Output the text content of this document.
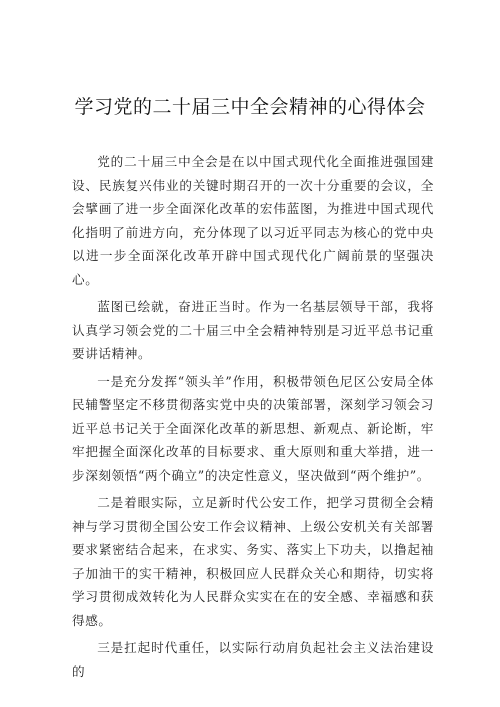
学习党的二十届三中全会精神的心得体会

党的二十届三中全会是在以中国式现代化全面推进强国建设、民族复兴伟业的关键时期召开的一次十分重要的会议，全会擘画了进一步全面深化改革的宏伟蓝图，为推进中国式现代化指明了前进方向，充分体现了以习近平同志为核心的党中央以进一步全面深化改革开辟中国式现代化广阔前景的坚强决心。

蓝图已绘就，奋进正当时。作为一名基层领导干部，我将认真学习领会党的二十届三中全会精神特别是习近平总书记重要讲话精神。

一是充分发挥“领头羊”作用，积极带领色尼区公安局全体民辅警坚定不移贯彻落实党中央的决策部署，深刻学习领会习近平总书记关于全面深化改革的新思想、新观点、新论断，牢牢把握全面深化改革的目标要求、重大原则和重大举措，进一步深刻领悟“两个确立”的决定性意义，坚决做到“两个维护”。

二是着眼实际，立足新时代公安工作，把学习贯彻全会精神与学习贯彻全国公安工作会议精神、上级公安机关有关部署要求紧密结合起来，在求实、务实、落实上下功夫，以撸起袖子加油干的实干精神，积极回应人民群众关心和期待，切实将学习贯彻成效转化为人民群众实实在在的安全感、幸福感和获得感。

三是扛起时代重任，以实际行动肩负起社会主义法治建设的
